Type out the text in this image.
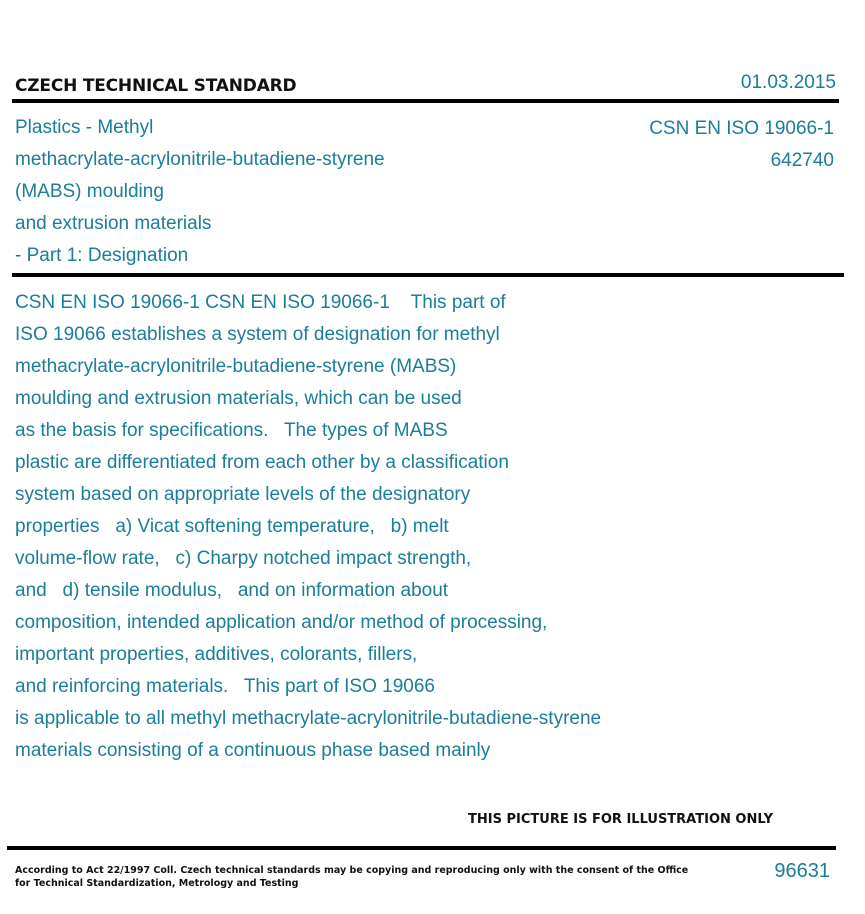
CZECH TECHNICAL STANDARD	01.03.2015
Plastics - Methyl
methacrylate-acrylonitrile-butadiene-styrene
(MABS) moulding
and extrusion materials
- Part 1: Designation
CSN EN ISO 19066-1
642740
CSN EN ISO 19066-1 CSN EN ISO 19066-1    This part of
ISO 19066 establishes a system of designation for methyl
methacrylate-acrylonitrile-butadiene-styrene (MABS)
moulding and extrusion materials, which can be used
as the basis for specifications.   The types of MABS
plastic are differentiated from each other by a classification
system based on appropriate levels of the designatory
properties   a) Vicat softening temperature,   b) melt
volume-flow rate,   c) Charpy notched impact strength,
and   d) tensile modulus,   and on information about
composition, intended application and/or method of processing,
important properties, additives, colorants, fillers,
and reinforcing materials.   This part of ISO 19066
is applicable to all methyl methacrylate-acrylonitrile-butadiene-styrene
materials consisting of a continuous phase based mainly
THIS PICTURE IS FOR ILLUSTRATION ONLY
According to Act 22/1997 Coll. Czech technical standards may be copying and reproducing only with the consent of the Office
for Technical Standardization, Metrology and Testing
96631
